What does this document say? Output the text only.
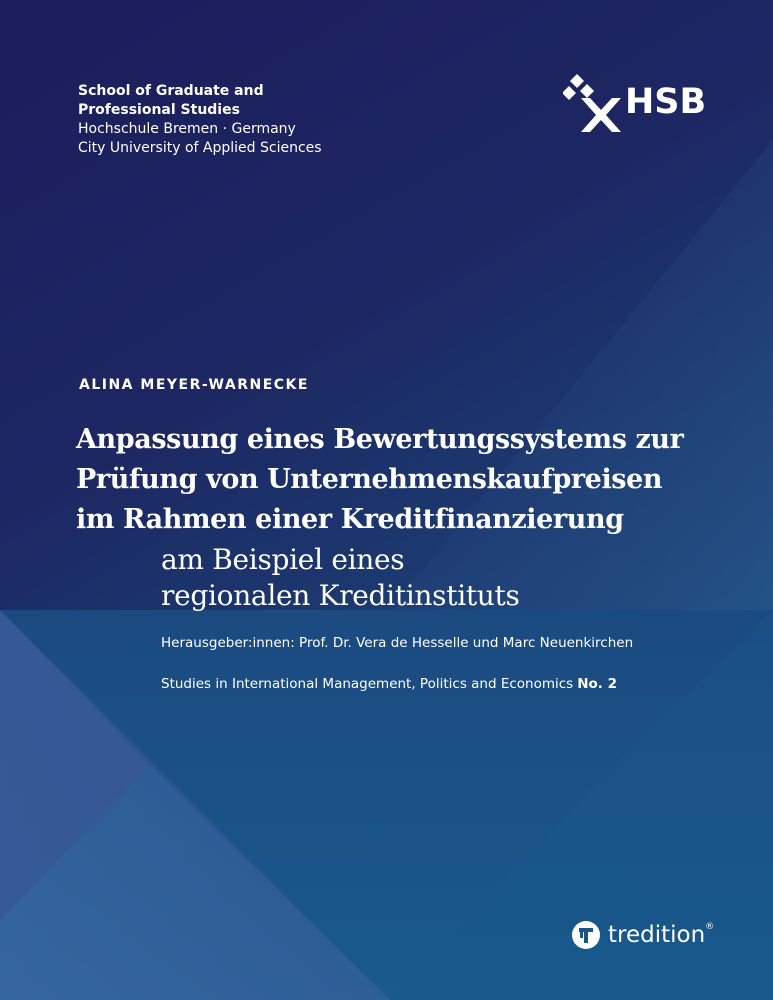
School of Graduate and
Professional Studies
Hochschule Bremen · Germany
City University of Applied Sciences
HSB
ALINA MEYER-WARNECKE
Anpassung eines Bewertungssystems zur
Prüfung von Unternehmenskaufpreisen
im Rahmen einer Kreditfinanzierung
am Beispiel eines
regionalen Kreditinstituts
Herausgeber:innen: Prof. Dr. Vera de Hesselle und Marc Neuenkirchen
Studies in International Management, Politics and Economics No. 2
tredition ®
